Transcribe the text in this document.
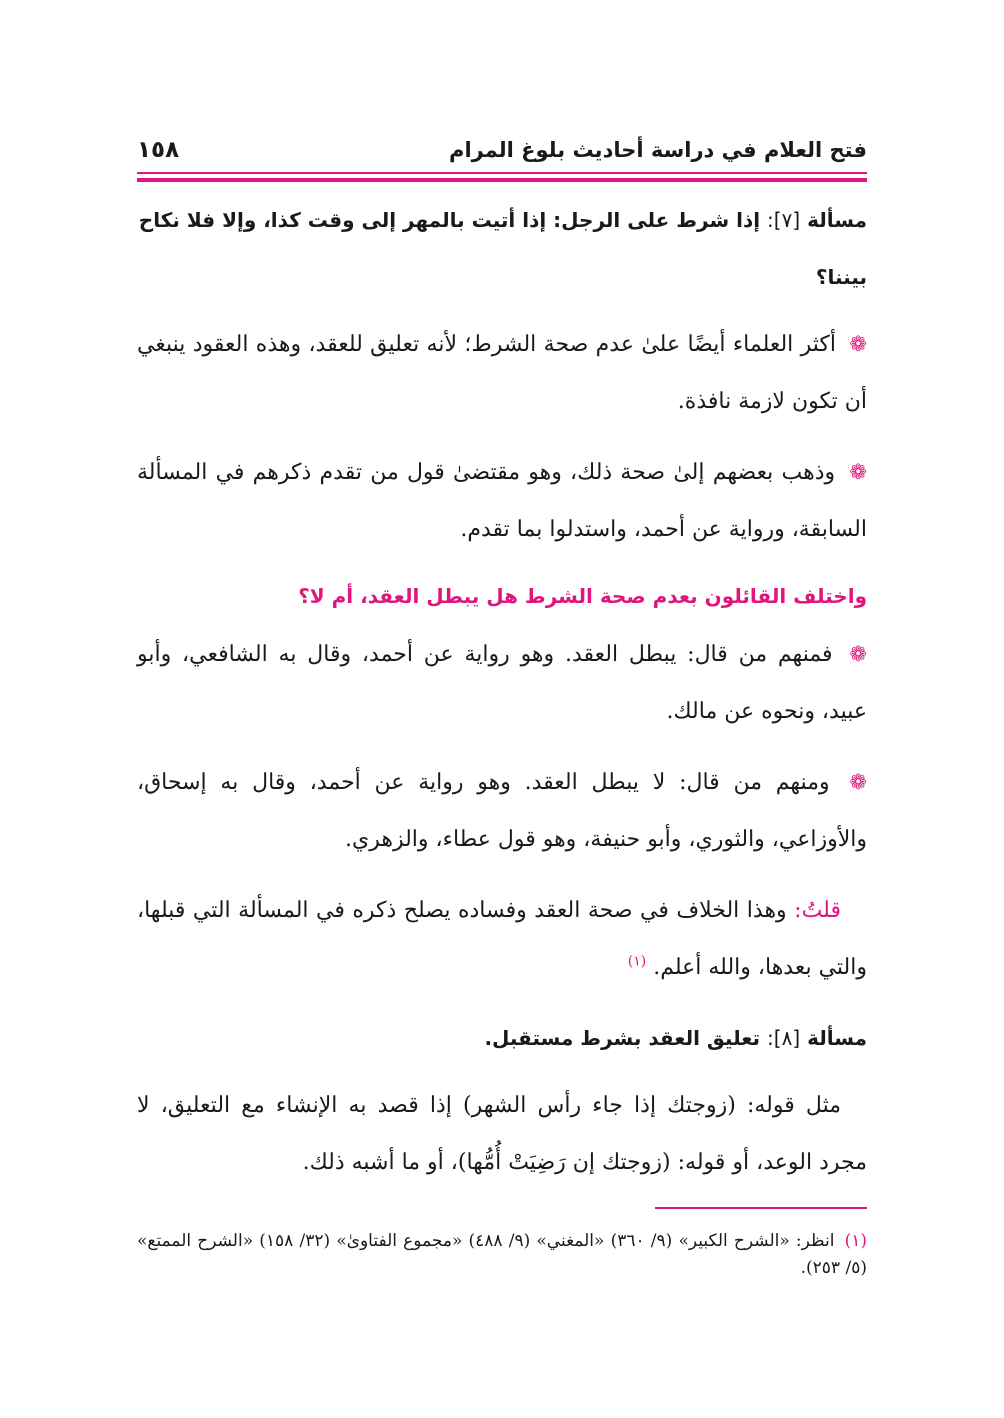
فتح العلام في دراسة أحاديث بلوغ المرام
١٥٨

مسألة [٧]: إذا شرط على الرجل: إذا أتيت بالمهر إلى وقت كذا، وإلا فلا نكاح بيننا؟

❁ أكثر العلماء أيضًا علىٰ عدم صحة الشرط؛ لأنه تعليق للعقد، وهذه العقود ينبغي أن تكون لازمة نافذة.

❁ وذهب بعضهم إلىٰ صحة ذلك، وهو مقتضىٰ قول من تقدم ذكرهم في المسألة السابقة، ورواية عن أحمد، واستدلوا بما تقدم.

واختلف القائلون بعدم صحة الشرط هل يبطل العقد، أم لا؟

❁ فمنهم من قال: يبطل العقد. وهو رواية عن أحمد، وقال به الشافعي، وأبو عبيد، ونحوه عن مالك.

❁ ومنهم من قال: لا يبطل العقد. وهو رواية عن أحمد، وقال به إسحاق، والأوزاعي، والثوري، وأبو حنيفة، وهو قول عطاء، والزهري.

قلتُ: وهذا الخلاف في صحة العقد وفساده يصلح ذكره في المسألة التي قبلها، والتي بعدها، والله أعلم. $^{(١)}$

مسألة [٨]: تعليق العقد بشرط مستقبل.

مثل قوله: (زوجتك إذا جاء رأس الشهر) إذا قصد به الإنشاء مع التعليق، لا مجرد الوعد، أو قوله: (زوجتك إن رَضِيَتْ أُمُّها)، أو ما أشبه ذلك.

(١) انظر: «الشرح الكبير» (٩/ ٣٦٠) «المغني» (٩/ ٤٨٨) «مجموع الفتاوىٰ» (٣٢/ ١٥٨) «الشرح الممتع» (٥/ ٢٥٣).
